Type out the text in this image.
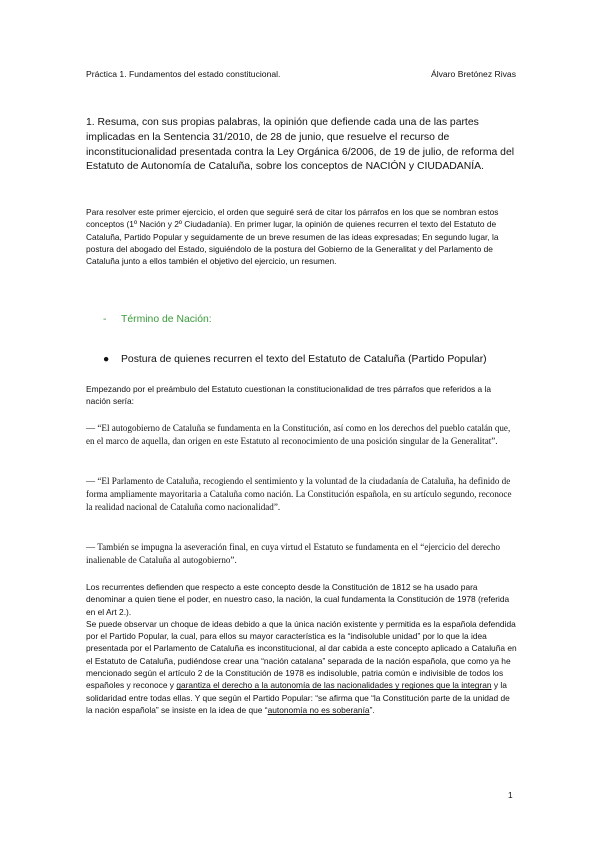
Práctica 1. Fundamentos del estado constitucional.	Álvaro Bretónez Rivas
1. Resuma, con sus propias palabras, la opinión que defiende cada una de las partes implicadas en la Sentencia 31/2010, de 28 de junio, que resuelve el recurso de inconstitucionalidad presentada contra la Ley Orgánica 6/2006, de 19 de julio, de reforma del Estatuto de Autonomía de Cataluña, sobre los conceptos de NACIÓN y CIUDADANÍA.
Para resolver este primer ejercicio, el orden que seguiré será de citar los párrafos en los que se nombran estos conceptos (1º Nación y 2º Ciudadanía). En primer lugar, la opinión de quienes recurren el texto del Estatuto de Cataluña, Partido Popular y seguidamente de un breve resumen de las ideas expresadas; En segundo lugar, la postura del abogado del Estado, siguiéndolo de la postura del Gobierno de la Generalitat y del Parlamento de Cataluña junto a ellos también el objetivo del ejercicio, un resumen.
- Término de Nación:
● Postura de quienes recurren el texto del Estatuto de Cataluña (Partido Popular)
Empezando por el preámbulo del Estatuto cuestionan la constitucionalidad de tres párrafos que referidos a la nación sería:
— “El autogobierno de Cataluña se fundamenta en la Constitución, así como en los derechos del pueblo catalán que, en el marco de aquella, dan origen en este Estatuto al reconocimiento de una posición singular de la Generalitat”.
— “El Parlamento de Cataluña, recogiendo el sentimiento y la voluntad de la ciudadanía de Cataluña, ha definido de forma ampliamente mayoritaria a Cataluña como nación. La Constitución española, en su artículo segundo, reconoce la realidad nacional de Cataluña como nacionalidad”.
— También se impugna la aseveración final, en cuya virtud el Estatuto se fundamenta en el “ejercicio del derecho inalienable de Cataluña al autogobierno”.
Los recurrentes defienden que respecto a este concepto desde la Constitución de 1812 se ha usado para denominar a quien tiene el poder, en nuestro caso, la nación, la cual fundamenta la Constitución de 1978 (referida en el Art 2.).
Se puede observar un choque de ideas debido a que la única nación existente y permitida es la española defendida por el Partido Popular, la cual, para ellos su mayor característica es la “indisoluble unidad” por lo que la idea presentada por el Parlamento de Cataluña es inconstitucional, al dar cabida a este concepto aplicado a Cataluña en el Estatuto de Cataluña, pudiéndose crear una “nación catalana” separada de la nación española, que como ya he mencionado según el artículo 2 de la Constitución de 1978 es indisoluble, patria común e indivisible de todos los españoles y reconoce y garantiza el derecho a la autonomía de las nacionalidades y regiones que la integran y la solidaridad entre todas ellas. Y que según el Partido Popular: “se afirma que “la Constitución parte de la unidad de la nación española” se insiste en la idea de que “autonomía no es soberanía”.
1
